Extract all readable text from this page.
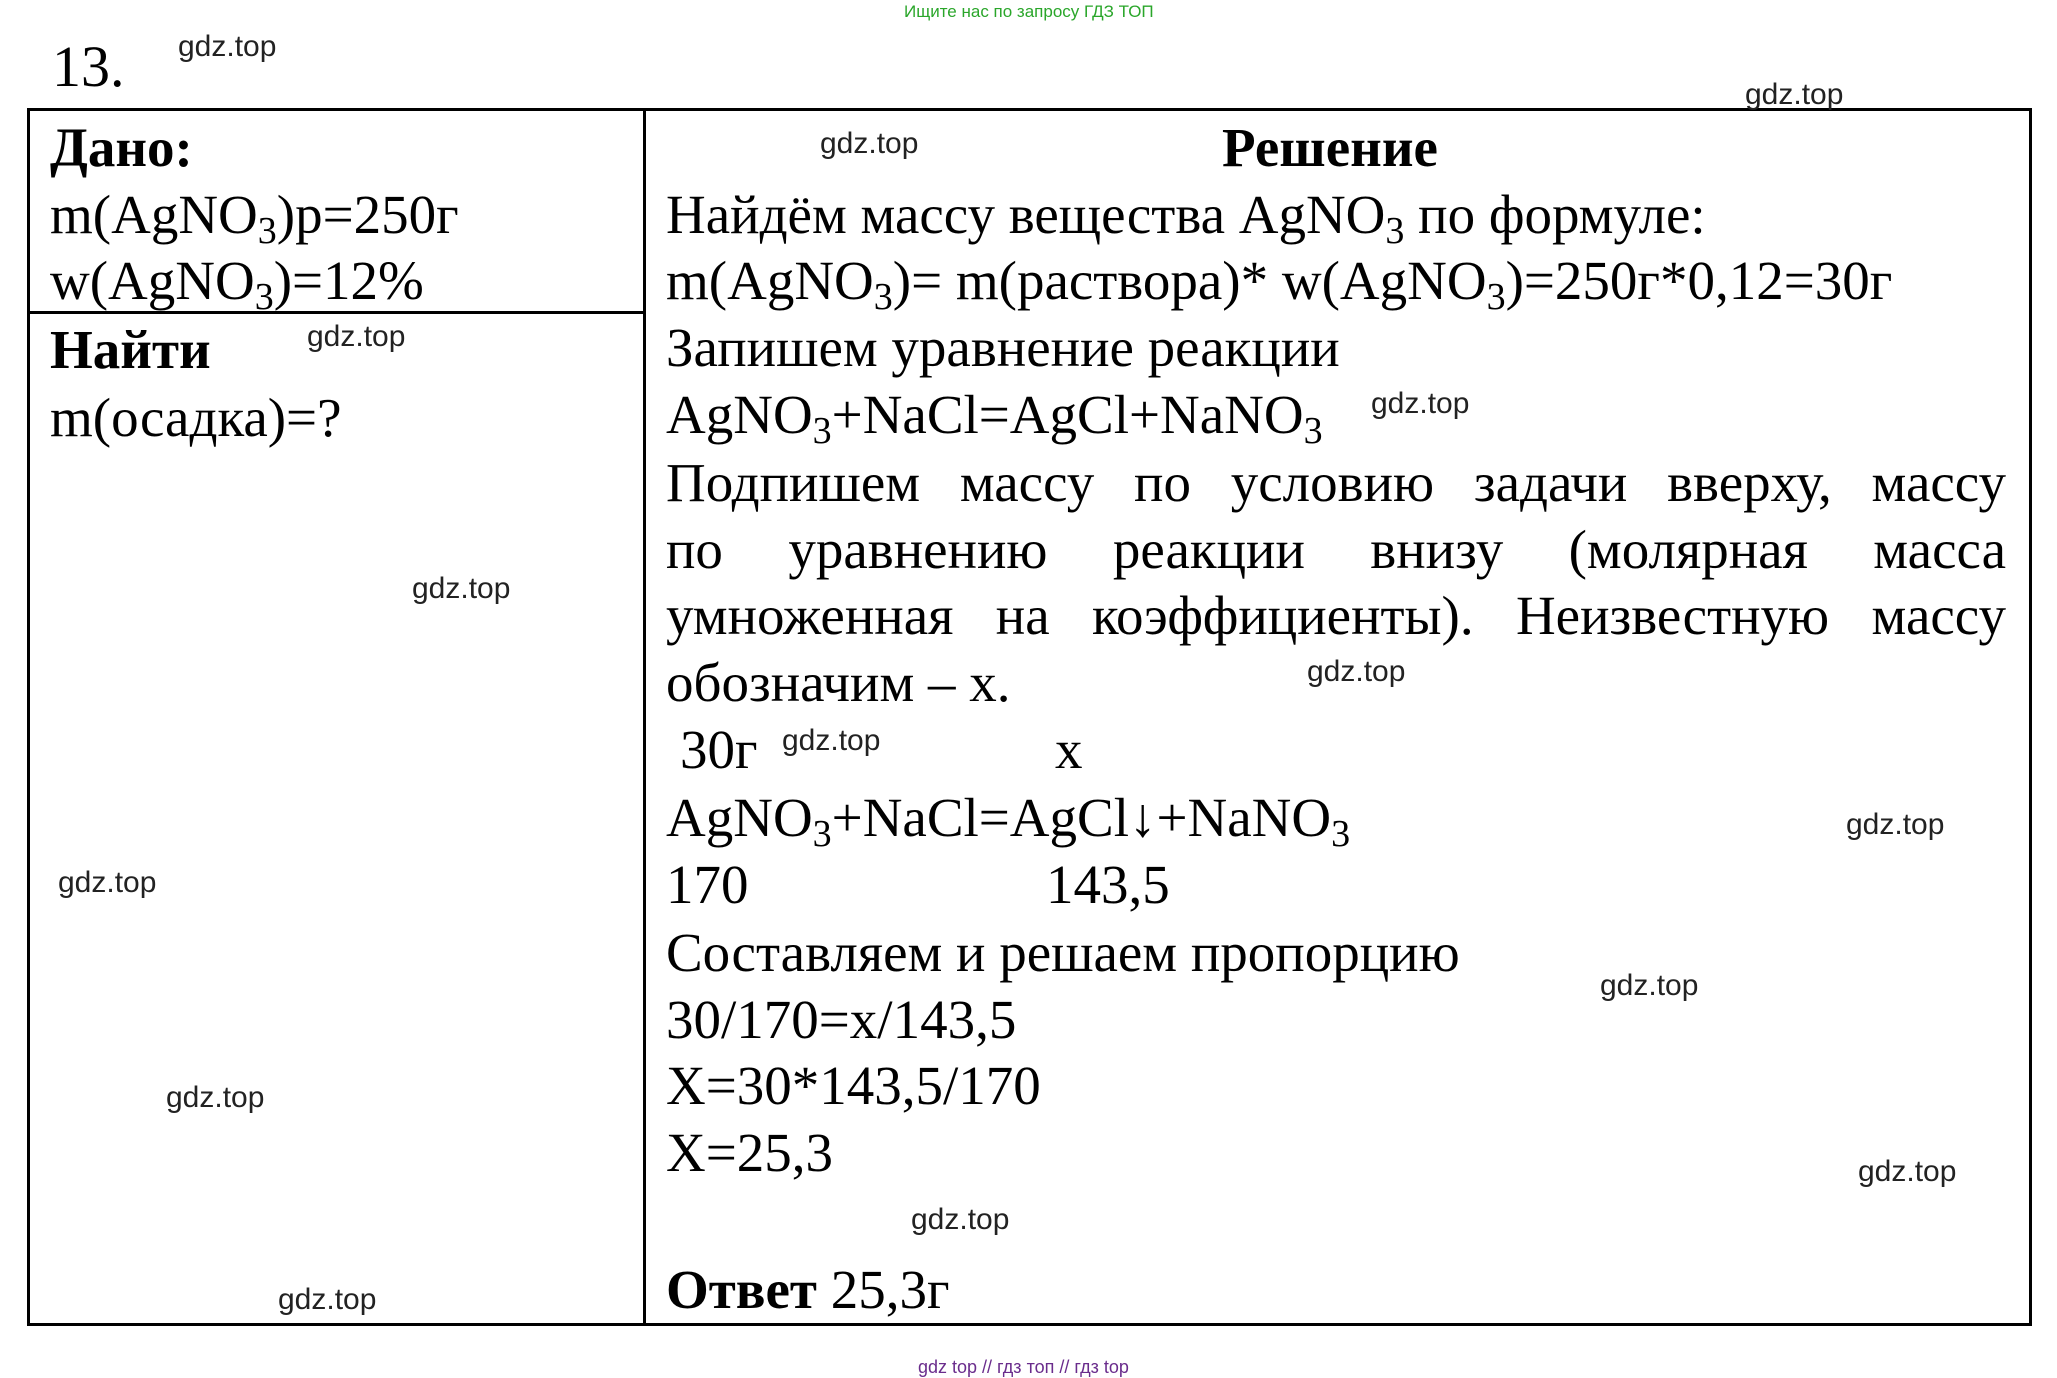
Ищите нас по запросу ГДЗ ТОП
13.
Дано:
m(AgNO$_3$)р=250г
w(AgNO$_3$)=12%
Найти
m(осадка)=?
Решение
Найдём массу вещества AgNO$_3$ по формуле:
m(AgNO$_3$)= m(раствора)* w(AgNO$_3$)=250г*0,12=30г
Запишем уравнение реакции
AgNO$_3$+NaCl=AgCl+NaNO$_3$
Подпишем массу по условию задачи вверху, массу
по уравнению реакции внизу (молярная масса
умноженная на коэффициенты). Неизвестную массу
обозначим – х.
30г	х
AgNO$_3$+NaCl=AgCl↓+NaNO$_3$
170	143,5
Составляем и решаем пропорцию
30/170=х/143,5
Х=30*143,5/170
Х=25,3
Ответ 25,3г
gdz.top
gdz.top
gdz.top
gdz.top
gdz.top
gdz.top
gdz.top
gdz.top
gdz.top
gdz.top
gdz.top
gdz.top
gdz.top
gdz.top
gdz.top
gdz top // гдз топ // гдз top
